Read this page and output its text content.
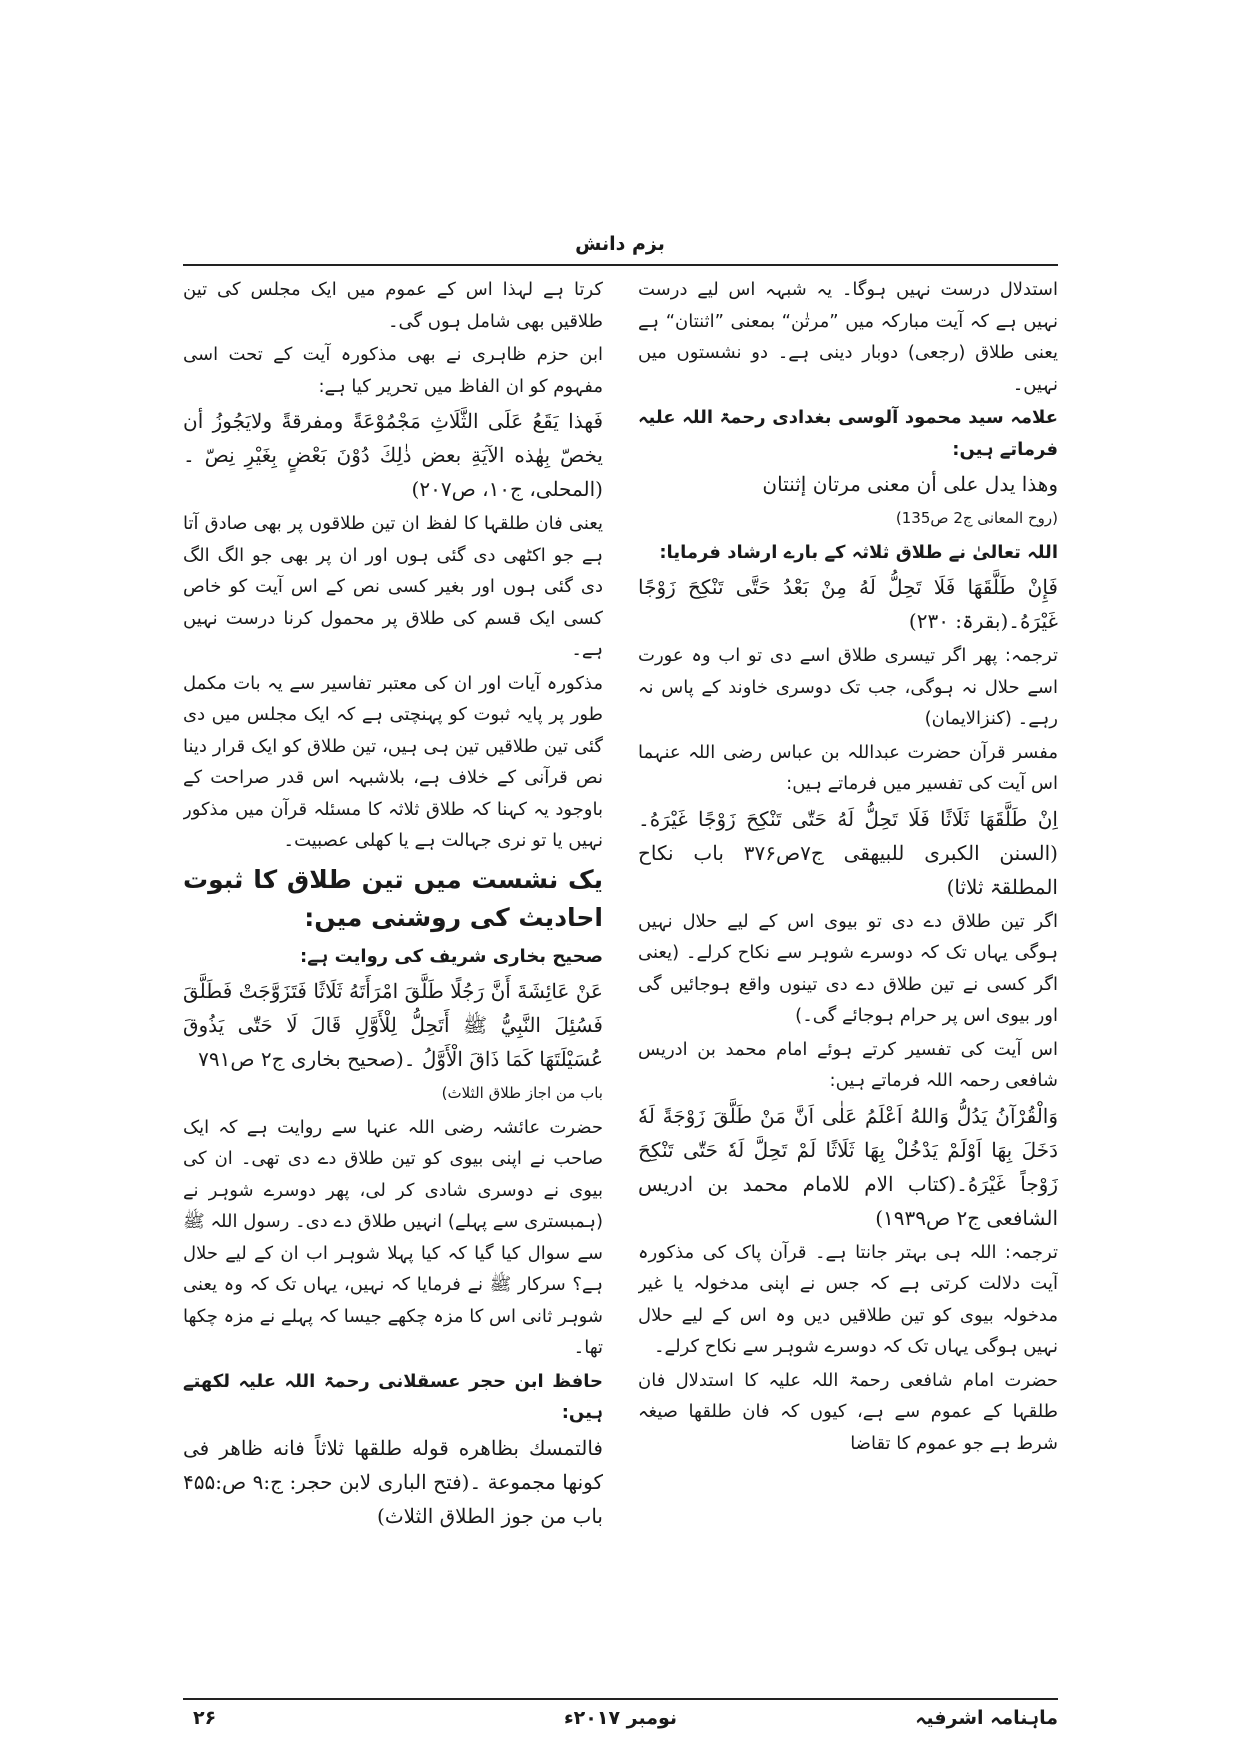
بزم دانش

استدلال درست نہیں ہوگا۔ یہ شبہہ اس لیے درست نہیں ہے کہ آیت مبارکہ میں ”مرتٰن“ بمعنی ”اثنتان“ ہے یعنی طلاق (رجعی) دوبار دینی ہے۔ دو نشستوں میں نہیں۔

علامہ سید محمود آلوسی بغدادی رحمۃ اللہ علیہ فرماتے ہیں:

وھذا یدل علی أن معنی مرتان إثنتان

(روح المعانی ج2 ص135)

اللہ تعالیٰ نے طلاق ثلاثہ کے بارے ارشاد فرمایا:

فَإِنْ طَلَّقَهَا فَلَا تَحِلُّ لَهُ مِنْ بَعْدُ حَتَّى تَنْكِحَ زَوْجًا غَيْرَهُ۔(بقرۃ: ۲۳۰)

ترجمہ: پھر اگر تیسری طلاق اسے دی تو اب وہ عورت اسے حلال نہ ہوگی، جب تک دوسری خاوند کے پاس نہ رہے۔ (کنزالایمان)

مفسر قرآن حضرت عبداللہ بن عباس رضی اللہ عنہما اس آیت کی تفسیر میں فرماتے ہیں:

اِنْ طَلَّقَهَا ثَلَاثًا فَلَا تَحِلُّ لَهُ حَتّٰى تَنْكِحَ زَوْجًا غَيْرَهُ۔(السنن الکبری للبیھقی ج۷ص۳۷۶ باب نکاح المطلقۃ ثلاثا)

اگر تین طلاق دے دی تو بیوی اس کے لیے حلال نہیں ہوگی یہاں تک کہ دوسرے شوہر سے نکاح کرلے۔ (یعنی اگر کسی نے تین طلاق دے دی تینوں واقع ہوجائیں گی اور بیوی اس پر حرام ہوجائے گی۔)

اس آیت کی تفسیر کرتے ہوئے امام محمد بن ادریس شافعی رحمہ اللہ فرماتے ہیں:

وَالْقُرْآنُ يَدُلُّ وَاللهُ اَعْلَمُ عَلٰى اَنَّ مَنْ طَلَّقَ زَوْجَةً لَهٗ دَخَلَ بِهَا اَوْلَمْ يَدْخُلْ بِهَا ثَلَاثًا لَمْ تَحِلَّ لَهٗ حَتّٰى تَنْكِحَ زَوْجاً غَيْرَهُ۔(کتاب الام للامام محمد بن ادریس الشافعی ج۲ ص۱۹۳۹)

ترجمہ: اللہ ہی بہتر جانتا ہے۔ قرآن پاک کی مذکورہ آیت دلالت کرتی ہے کہ جس نے اپنی مدخولہ یا غیر مدخولہ بیوی کو تین طلاقیں دیں وہ اس کے لیے حلال نہیں ہوگی یہاں تک کہ دوسرے شوہر سے نکاح کرلے۔

حضرت امام شافعی رحمۃ اللہ علیہ کا استدلال فان طلقہا کے عموم سے ہے، کیوں کہ فان طلقھا صیغہ شرط ہے جو عموم کا تقاضا

کرتا ہے لہذا اس کے عموم میں ایک مجلس کی تین طلاقیں بھی شامل ہوں گی۔

ابن حزم ظاہری نے بھی مذکورہ آیت کے تحت اسی مفہوم کو ان الفاظ میں تحریر کیا ہے:

فَهذا يَقَعُ عَلَى الثَّلَاثِ مَجْمُوْعَةً ومفرقةً ولايَجُوزُ أن يخصّ بِهٰذه الآيَةِ بعض ذٰلِكَ دُوْنَ بَعْضٍ بِغَيْرِ نِصّ ۔(المحلی، ج۱۰، ص۲۰۷)

یعنی فان طلقہا کا لفظ ان تین طلاقوں پر بھی صادق آتا ہے جو اکٹھی دی گئی ہوں اور ان پر بھی جو الگ الگ دی گئی ہوں اور بغیر کسی نص کے اس آیت کو خاص کسی ایک قسم کی طلاق پر محمول کرنا درست نہیں ہے۔

مذکورہ آیات اور ان کی معتبر تفاسیر سے یہ بات مکمل طور پر پایہ ثبوت کو پہنچتی ہے کہ ایک مجلس میں دی گئی تین طلاقیں تین ہی ہیں، تین طلاق کو ایک قرار دینا نص قرآنی کے خلاف ہے، بلاشبہہ اس قدر صراحت کے باوجود یہ کہنا کہ طلاق ثلاثہ کا مسئلہ قرآن میں مذکور نہیں یا تو نری جہالت ہے یا کھلی عصبیت۔

یک نشست میں تین طلاق کا ثبوت احادیث کی روشنی میں:

صحیح بخاری شریف کی روایت ہے:

عَنْ عَائِشَةَ أَنَّ رَجُلًا طَلَّقَ امْرَأَتَهُ ثَلَاثًا فَتَزَوَّجَتْ فَطَلَّقَ فَسُئِلَ النَّبِيُّ ﷺ أَتَحِلُّ لِلْأَوَّلِ قَالَ لَا حَتّٰى يَذُوقَ عُسَيْلَتَهَا كَمَا ذَاقَ الْأَوَّلُ ۔(صحیح بخاری ج۲ ص۷۹۱

باب من اجاز طلاق الثلاث)

حضرت عائشہ رضی اللہ عنہا سے روایت ہے کہ ایک صاحب نے اپنی بیوی کو تین طلاق دے دی تھی۔ ان کی بیوی نے دوسری شادی کر لی، پھر دوسرے شوہر نے (ہمبستری سے پہلے) انہیں طلاق دے دی۔ رسول اللہ ﷺ سے سوال کیا گیا کہ کیا پہلا شوہر اب ان کے لیے حلال ہے؟ سرکار ﷺ نے فرمایا کہ نہیں، یہاں تک کہ وہ یعنی شوہر ثانی اس کا مزہ چکھے جیسا کہ پہلے نے مزہ چکھا تھا۔

حافظ ابن حجر عسقلانی رحمۃ اللہ علیہ لکھتے ہیں:

فالتمسك بظاهره قوله طلقها ثلاثاً فانه ظاهر فی كونها مجموعة ۔(فتح الباری لابن حجر: ج:۹ ص:۴۵۵ باب من جوز الطلاق الثلاث)

۲۶	نومبر ۲۰۱۷ء	ماہنامہ اشرفیہ
